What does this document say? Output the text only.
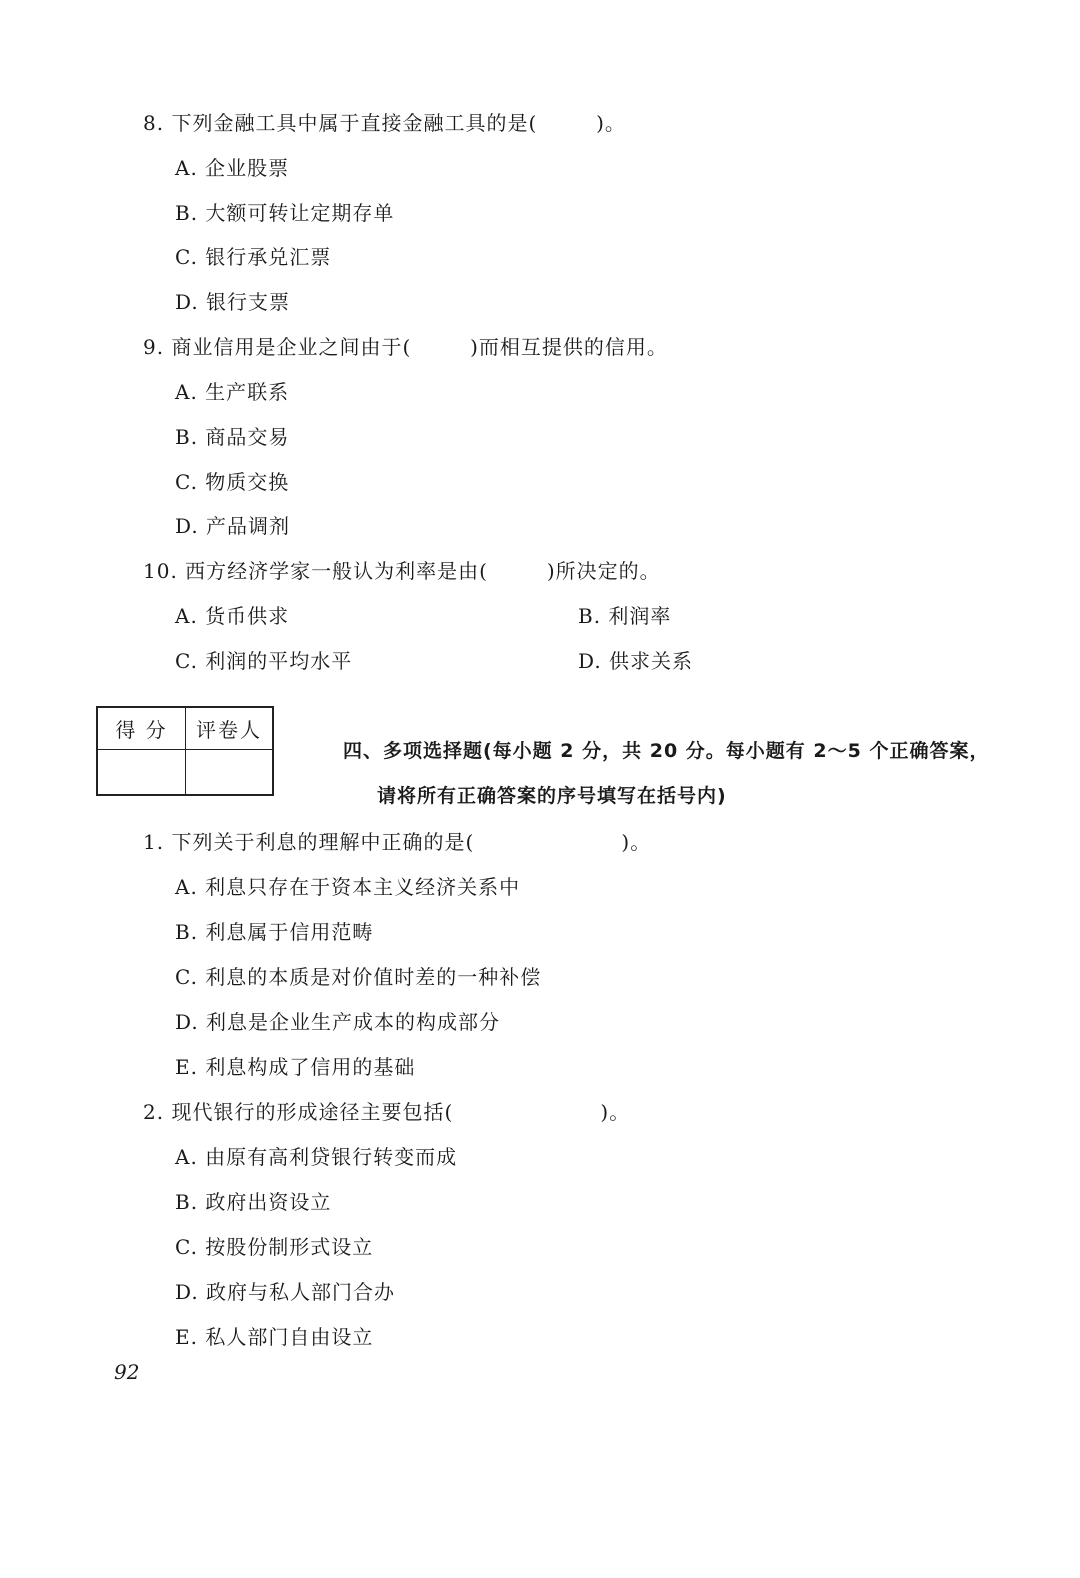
8. 下列金融工具中属于直接金融工具的是(        )。
A. 企业股票
B. 大额可转让定期存单
C. 银行承兑汇票
D. 银行支票
9. 商业信用是企业之间由于(        )而相互提供的信用。
A. 生产联系
B. 商品交易
C. 物质交换
D. 产品调剂
10. 西方经济学家一般认为利率是由(        )所决定的。
A. 货币供求	B. 利润率
C. 利润的平均水平	D. 供求关系
得 分	评卷人
四、多项选择题(每小题 2 分，共 20 分。每小题有 2～5 个正确答案，
请将所有正确答案的序号填写在括号内)
1. 下列关于利息的理解中正确的是(                    )。
A. 利息只存在于资本主义经济关系中
B. 利息属于信用范畴
C. 利息的本质是对价值时差的一种补偿
D. 利息是企业生产成本的构成部分
E. 利息构成了信用的基础
2. 现代银行的形成途径主要包括(                    )。
A. 由原有高利贷银行转变而成
B. 政府出资设立
C. 按股份制形式设立
D. 政府与私人部门合办
E. 私人部门自由设立
92
